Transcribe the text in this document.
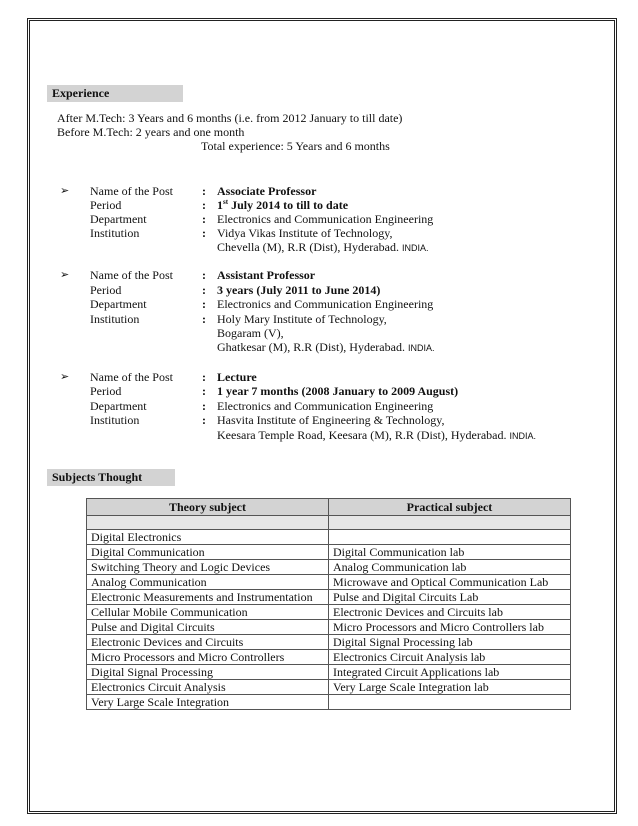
Experience
After M.Tech: 3 Years and 6 months (i.e. from 2012 January to till date)
Before M.Tech: 2 years and one month
Total experience: 5 Years and 6 months
➢ Name of the Post : Associate Professor
Period	: 1st July 2014 to till to date
Department	: Electronics and Communication Engineering
Institution	: Vidya Vikas Institute of Technology,
Chevella (M), R.R (Dist), Hyderabad. INDIA.
➢ Name of the Post : Assistant Professor
Period	: 3 years (July 2011 to June 2014)
Department	: Electronics and Communication Engineering
Institution	: Holy Mary Institute of Technology,
Bogaram (V),
Ghatkesar (M), R.R (Dist), Hyderabad. INDIA.
➢ Name of the Post : Lecture
Period	: 1 year 7 months (2008 January to 2009 August)
Department	: Electronics and Communication Engineering
Institution	: Hasvita Institute of Engineering & Technology,
Keesara Temple Road, Keesara (M), R.R (Dist), Hyderabad. INDIA.
Subjects Thought
Theory subject	Practical subject

Digital Electronics	
Digital Communication	Digital Communication lab
Switching Theory and Logic Devices	Analog Communication lab
Analog Communication	Microwave and Optical Communication Lab
Electronic Measurements and Instrumentation	Pulse and Digital Circuits Lab
Cellular Mobile Communication	Electronic Devices and Circuits lab
Pulse and Digital Circuits	Micro Processors and Micro Controllers lab
Electronic Devices and Circuits	Digital Signal Processing lab
Micro Processors and Micro Controllers	Electronics Circuit Analysis lab
Digital Signal Processing	Integrated Circuit Applications lab
Electronics Circuit Analysis	Very Large Scale Integration lab
Very Large Scale Integration	
